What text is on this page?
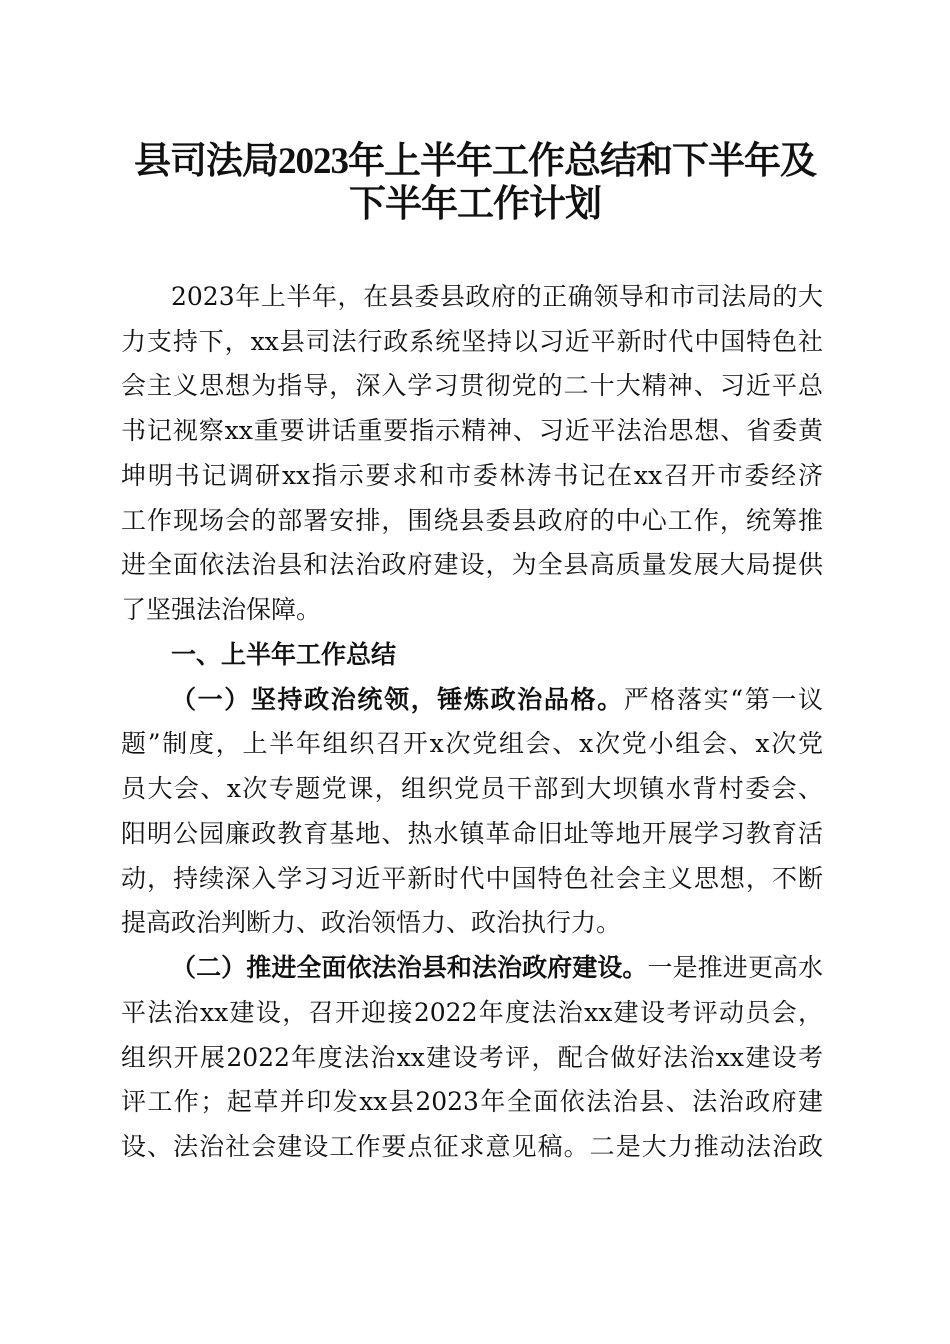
县司法局2023年上半年工作总结和下半年及
下半年工作计划
2023年上半年，在县委县政府的正确领导和市司法局的大
力支持下，xx县司法行政系统坚持以习近平新时代中国特色社
会主义思想为指导，深入学习贯彻党的二十大精神、习近平总
书记视察xx重要讲话重要指示精神、习近平法治思想、省委黄
坤明书记调研xx指示要求和市委林涛书记在xx召开市委经济
工作现场会的部署安排，围绕县委县政府的中心工作，统筹推
进全面依法治县和法治政府建设，为全县高质量发展大局提供
了坚强法治保障。
一、上半年工作总结
（一）坚持政治统领，锤炼政治品格。严格落实“第一议
题”制度，上半年组织召开x次党组会、x次党小组会、x次党
员大会、x次专题党课，组织党员干部到大坝镇水背村委会、
阳明公园廉政教育基地、热水镇革命旧址等地开展学习教育活
动，持续深入学习习近平新时代中国特色社会主义思想，不断
提高政治判断力、政治领悟力、政治执行力。
（二）推进全面依法治县和法治政府建设。一是推进更高水
平法治xx建设，召开迎接2022年度法治xx建设考评动员会，
组织开展2022年度法治xx建设考评，配合做好法治xx建设考
评工作；起草并印发xx县2023年全面依法治县、法治政府建
设、法治社会建设工作要点征求意见稿。二是大力推动法治政
